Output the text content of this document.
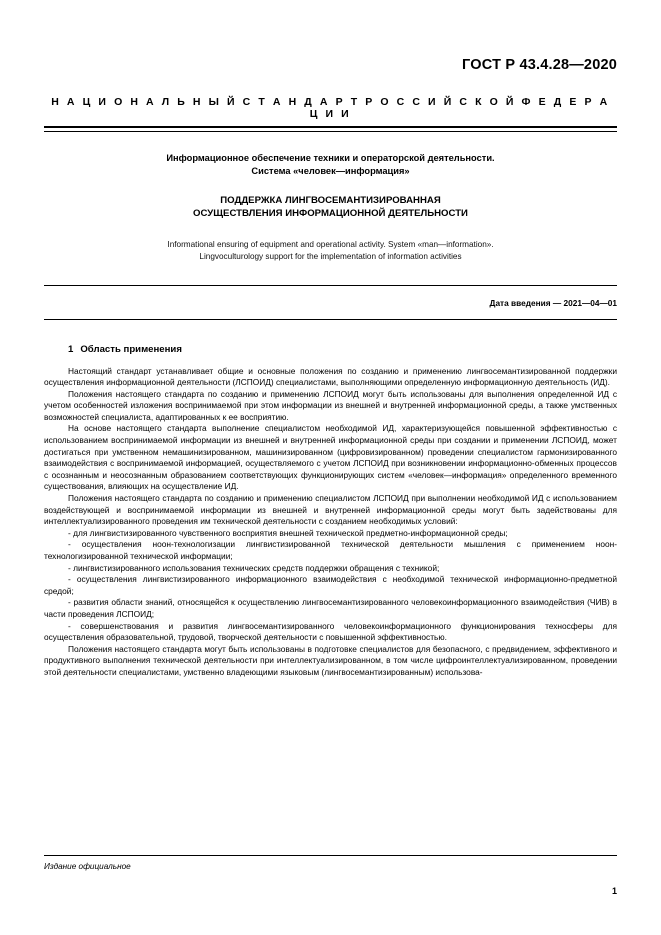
ГОСТ Р 43.4.28—2020
Н А Ц И О Н А Л Ь Н Ы Й С Т А Н Д А Р Т Р О С С И Й С К О Й Ф Е Д Е Р А Ц И И
Информационное обеспечение техники и операторской деятельности.
Система «человек—информация»
ПОДДЕРЖКА ЛИНГВОСЕМАНТИЗИРОВАННАЯ
ОСУЩЕСТВЛЕНИЯ ИНФОРМАЦИОННОЙ ДЕЯТЕЛЬНОСТИ
Informational ensuring of equipment and operational activity. System «man—information».
Lingvoculturology support for the implementation of information activities
Дата введения — 2021—04—01
1 Область применения

Настоящий стандарт устанавливает общие и основные положения по созданию и применению лингвосемантизированной поддержки осуществления информационной деятельности (ЛСПОИД) специалистами, выполняющими определенную информационную деятельность (ИД).

Положения настоящего стандарта по созданию и применению ЛСПОИД могут быть использованы для выполнения определенной ИД с учетом особенностей изложения воспринимаемой при этом информации из внешней и внутренней информационной среды, а также умственных возможностей специалиста, адаптированных к ее восприятию.

На основе настоящего стандарта выполнение специалистом необходимой ИД, характеризующейся повышенной эффективностью с использованием воспринимаемой информации из внешней и внутренней информационной среды при создании и применении ЛСПОИД, может достигаться при умственном немашинизированном, машинизированном (цифровизированном) проведении специалистом гармонизированного взаимодействия с воспринимаемой информацией, осуществляемого с учетом ЛСПОИД при возникновении информационно-обменных процессов с осознанным и неосознанным образованием соответствующих функционирующих систем «человек—информация» определенного временного существования, влияющих на осуществление ИД.

Положения настоящего стандарта по созданию и применению специалистом ЛСПОИД при выполнении необходимой ИД с использованием воздействующей и воспринимаемой информации из внешней и внутренней информационной среды могут быть задействованы для интеллектуализированного проведения им технической деятельности с созданием необходимых условий:

- для лингвистизированного чувственного восприятия внешней технической предметно-информационной среды;

- осуществления ноон-технологизации лингвистизированной технической деятельности мышления с применением ноон-технологизированной технической информации;

- лингвистизированного использования технических средств поддержки обращения с техникой;

- осуществления лингвистизированного информационного взаимодействия с необходимой технической информационно-предметной средой;

- развития области знаний, относящейся к осуществлению лингвосемантизированного человекоинформационного взаимодействия (ЧИВ) в части проведения ЛСПОИД;

- совершенствования и развития лингвосемантизированного человекоинформационного функционирования техносферы для осуществления образовательной, трудовой, творческой деятельности с повышенной эффективностью.

Положения настоящего стандарта могут быть использованы в подготовке специалистов для безопасного, с предвидением, эффективного и продуктивного выполнения технической деятельности при интеллектуализированном, в том числе цифроинтеллектуализированном, проведении этой деятельности специалистами, умственно владеющими языковым (лингвосемантизированным) использова-

Издание официальное
1
